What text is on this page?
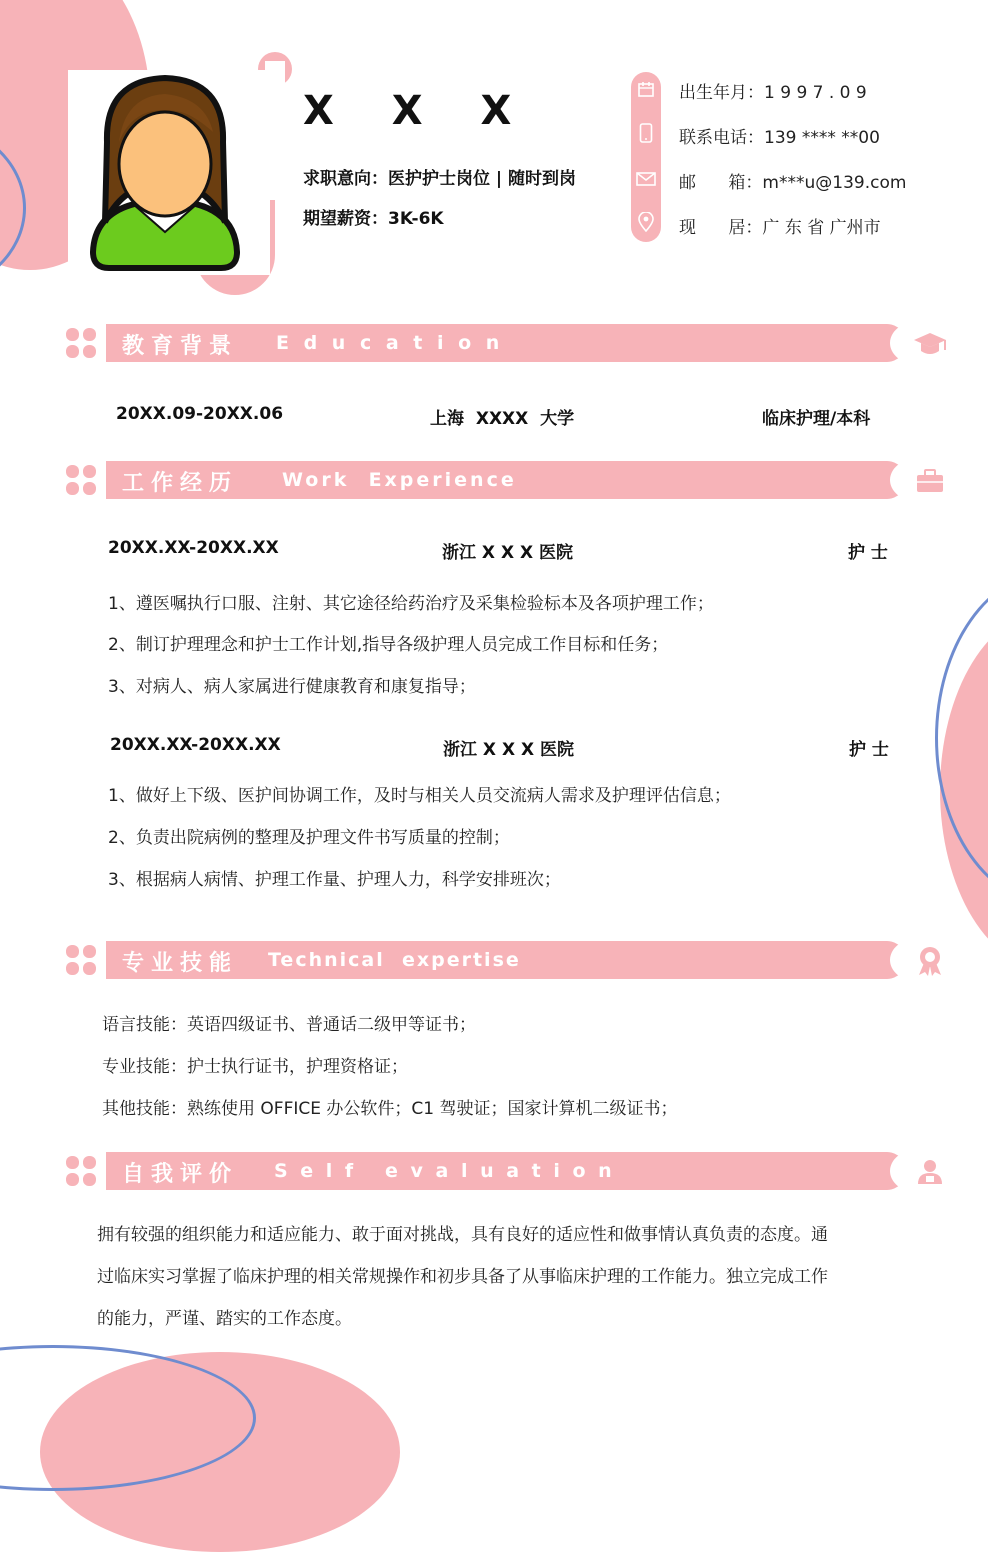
X X X
求职意向：医护护士岗位 | 随时到岗
期望薪资：3K-6K
出生年月：1 9 9 7 . 0 9
联系电话：139 **** **00
邮      箱：m***u@139.com
现      居：广 东 省 广州市
教育背景 E d u c a t i o n
20XX.09-20XX.06	上海  XXXX  大学	临床护理/本科
工作经历 Work  Experience
20XX.XX-20XX.XX	浙江 X X X 医院	护 士
1、遵医嘱执行口服、注射、其它途径给药治疗及采集检验标本及各项护理工作；
2、制订护理理念和护士工作计划,指导各级护理人员完成工作目标和任务；
3、对病人、病人家属进行健康教育和康复指导；
20XX.XX-20XX.XX	浙江 X X X 医院	护 士
1、做好上下级、医护间协调工作，及时与相关人员交流病人需求及护理评估信息；
2、负责出院病例的整理及护理文件书写质量的控制；
3、根据病人病情、护理工作量、护理人力，科学安排班次；
专业技能 Technical  expertise
语言技能：英语四级证书、普通话二级甲等证书；
专业技能：护士执行证书，护理资格证；
其他技能：熟练使用 OFFICE 办公软件；C1 驾驶证；国家计算机二级证书；
自我评价 S e l f   e v a l u a t i o n
拥有较强的组织能力和适应能力、敢于面对挑战，具有良好的适应性和做事情认真负责的态度。通
过临床实习掌握了临床护理的相关常规操作和初步具备了从事临床护理的工作能力。独立完成工作
的能力，严谨、踏实的工作态度。
